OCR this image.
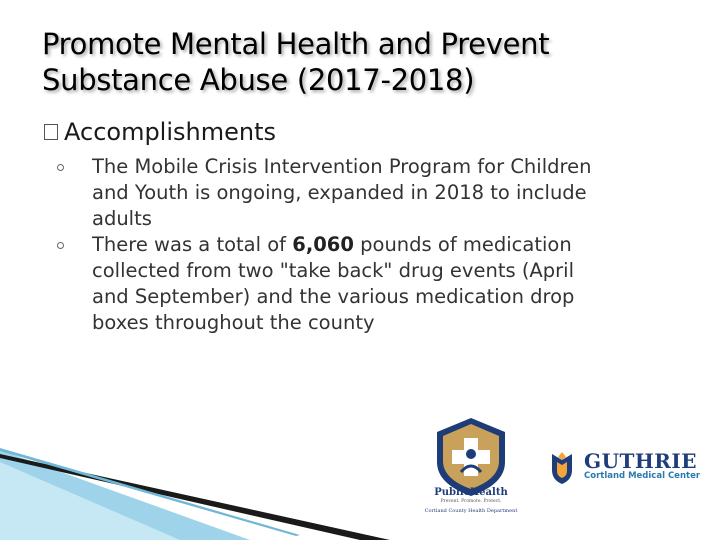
Promote Mental Health and Prevent
Substance Abuse (2017-2018)
Accomplishments
The Mobile Crisis Intervention Program for Children
and Youth is ongoing, expanded in 2018 to include
adults
There was a total of 6,060 pounds of medication
collected from two "take back" drug events (April
and September) and the various medication drop
boxes throughout the county
PublicHealth
Prevent. Promote. Protect.
Cortland County Health Department
GUTHRIE
Cortland Medical Center
